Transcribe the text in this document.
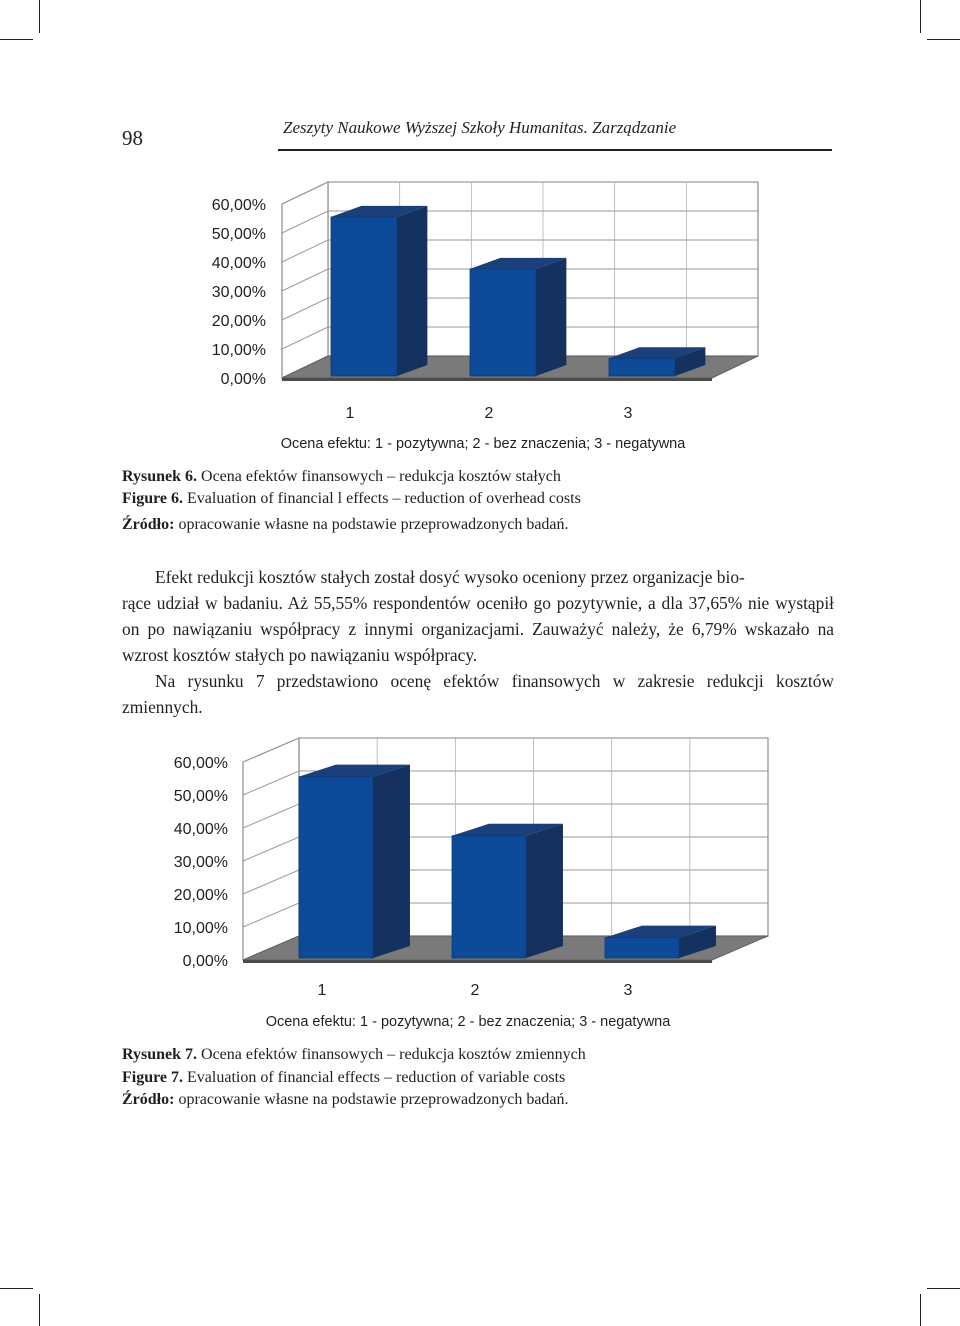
98	Zeszyty Naukowe Wyższej Szkoły Humanitas. Zarządzanie
0,00%
10,00%
20,00%
30,00%
40,00%
50,00%
60,00%
1	2	3
Ocena efektu: 1 - pozytywna; 2 - bez znaczenia; 3 - negatywna
0,00%
10,00%
20,00%
30,00%
40,00%
50,00%
60,00%
1	2	3
Ocena efektu: 1 - pozytywna; 2 - bez znaczenia; 3 - negatywna
Rysunek 6. Ocena efektów finansowych – redukcja kosztów stałych
Figure 6. Evaluation of financial l effects – reduction of overhead costs
Źródło: opracowanie własne na podstawie przeprowadzonych badań.

Efekt redukcji kosztów stałych został dosyć wysoko oceniony przez organizacje bio-
rące udział w badaniu. Aż 55,55% respondentów oceniło go pozytywnie, a dla 37,65% nie wystąpił on po nawiązaniu współpracy z innymi organizacjami. Zauważyć należy, że 6,79% wskazało na wzrost kosztów stałych po nawiązaniu współpracy.

Na rysunku 7 przedstawiono ocenę efektów finansowych w zakresie redukcji kosztów zmiennych.

Rysunek 7. Ocena efektów finansowych – redukcja kosztów zmiennych
Figure 7. Evaluation of financial effects – reduction of variable costs
Źródło: opracowanie własne na podstawie przeprowadzonych badań.
